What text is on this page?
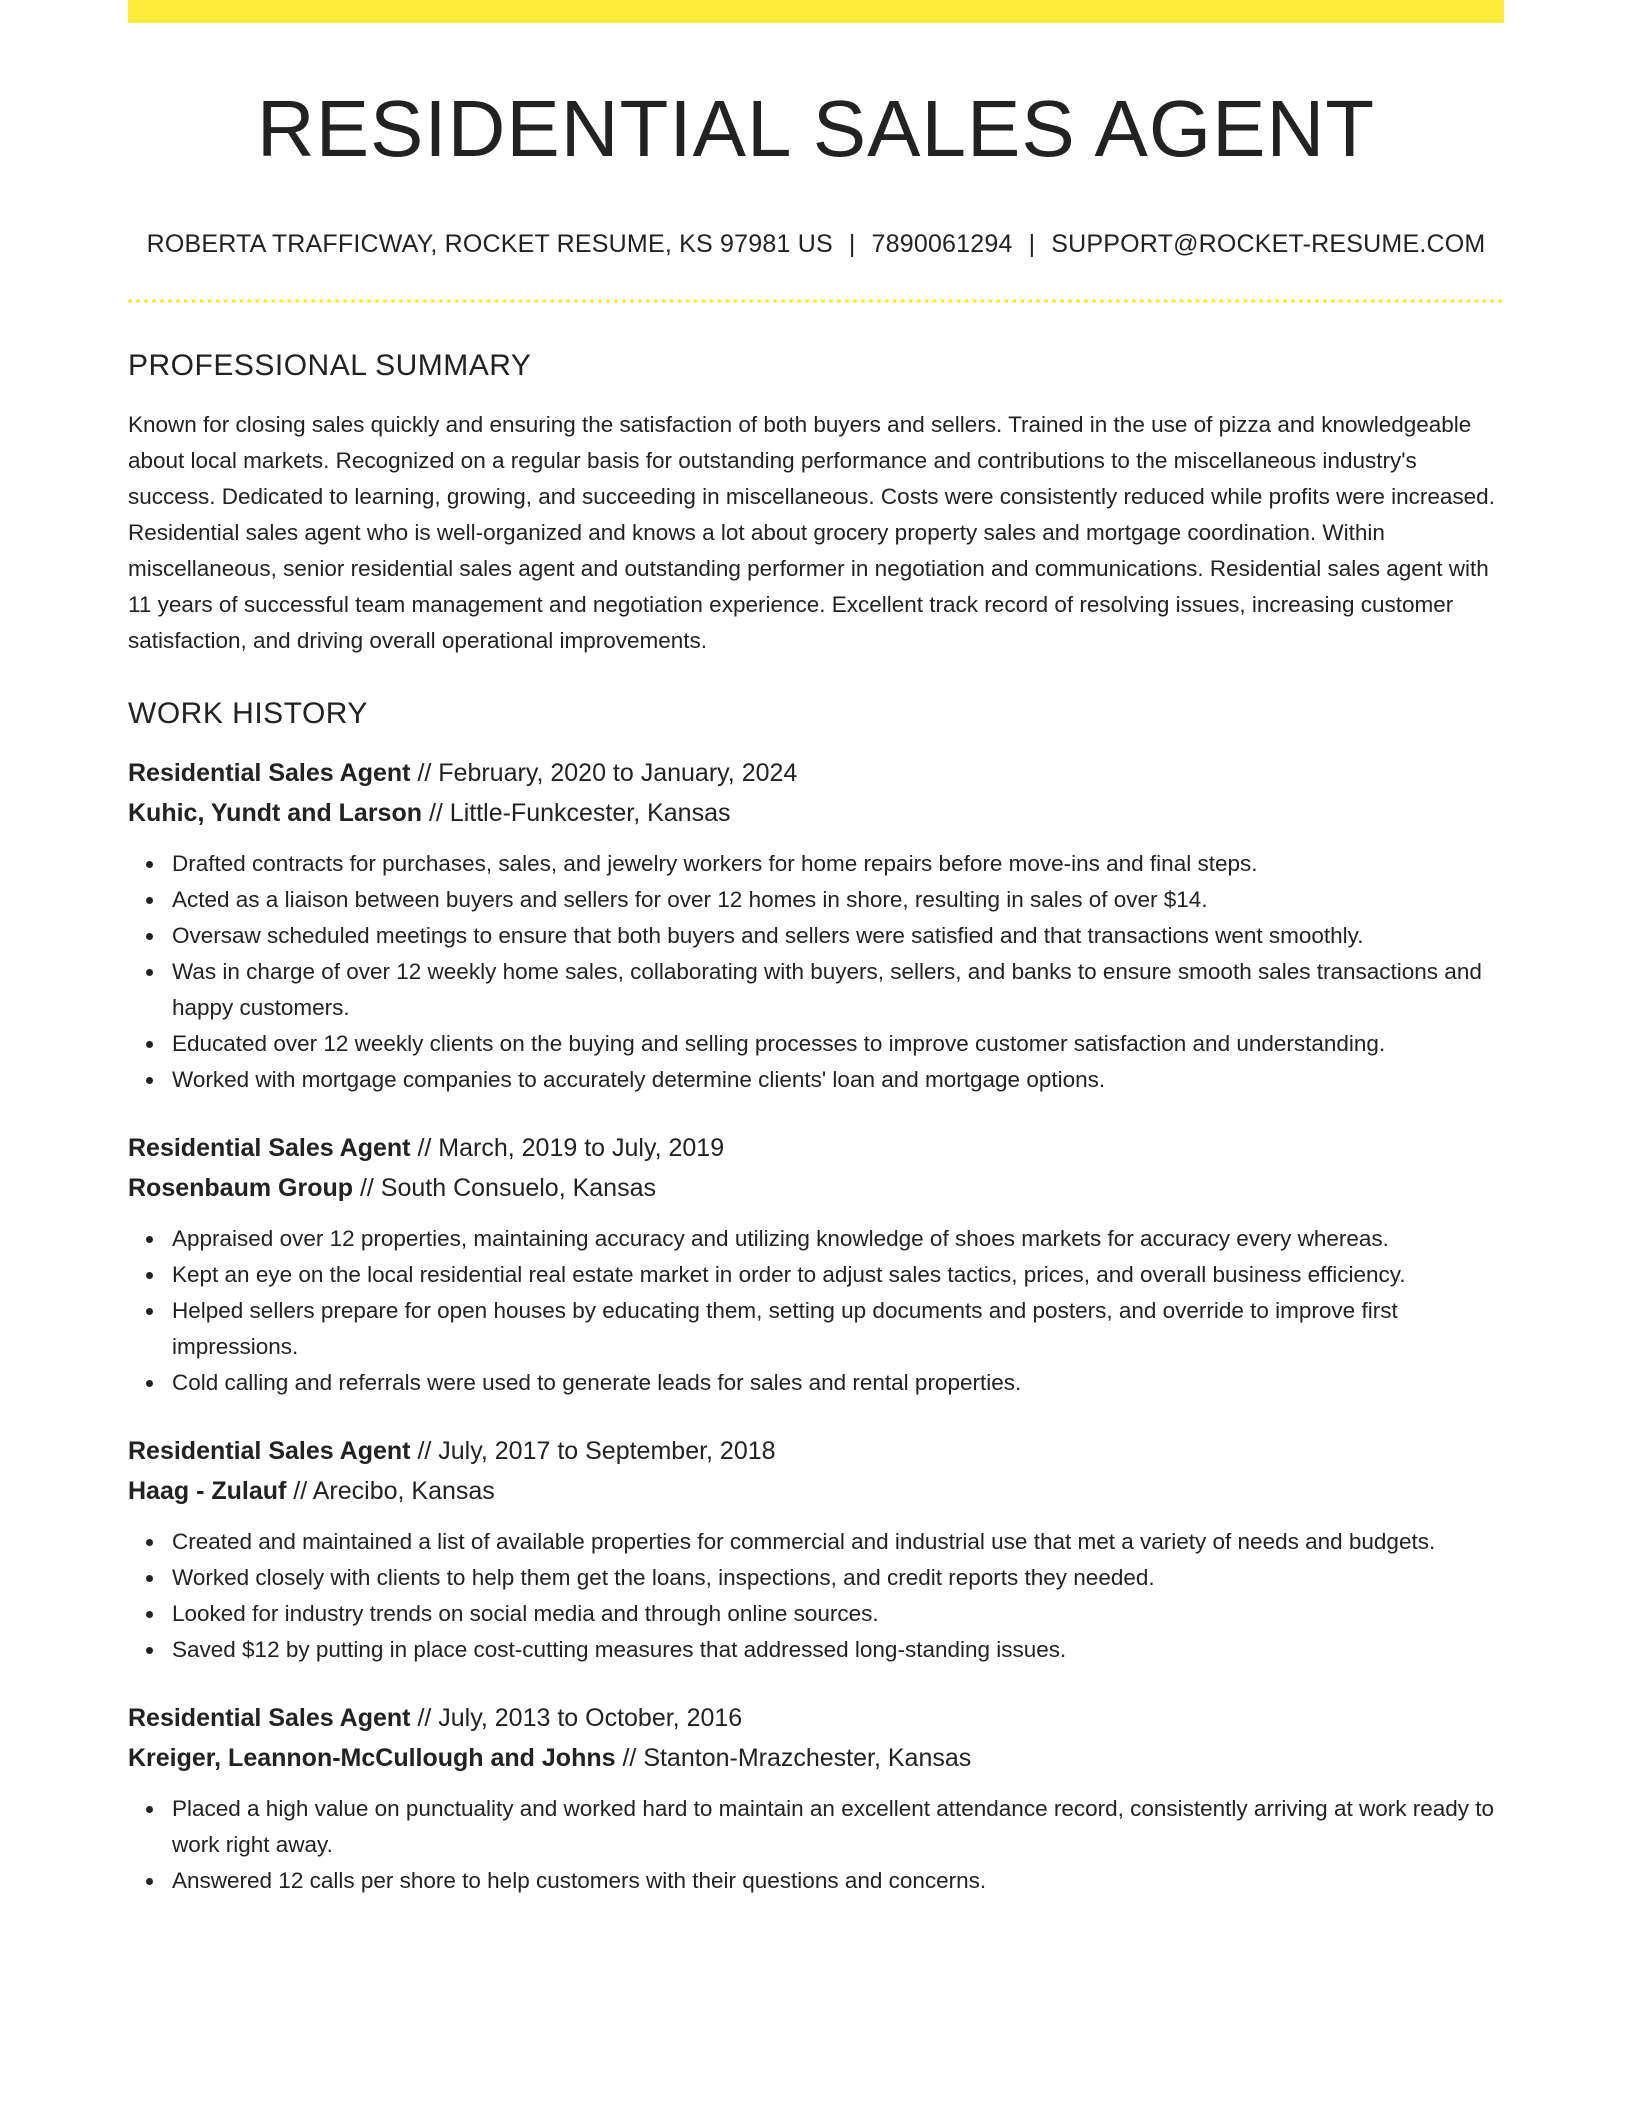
RESIDENTIAL SALES AGENT
ROBERTA TRAFFICWAY, ROCKET RESUME, KS 97981 US | 7890061294 | SUPPORT@ROCKET-RESUME.COM
PROFESSIONAL SUMMARY

Known for closing sales quickly and ensuring the satisfaction of both buyers and sellers. Trained in the use of pizza and knowledgeable about local markets. Recognized on a regular basis for outstanding performance and contributions to the miscellaneous industry's success. Dedicated to learning, growing, and succeeding in miscellaneous. Costs were consistently reduced while profits were increased. Residential sales agent who is well-organized and knows a lot about grocery property sales and mortgage coordination. Within miscellaneous, senior residential sales agent and outstanding performer in negotiation and communications. Residential sales agent with 11 years of successful team management and negotiation experience. Excellent track record of resolving issues, increasing customer satisfaction, and driving overall operational improvements.

WORK HISTORY
Residential Sales Agent // February, 2020 to January, 2024
Kuhic, Yundt and Larson // Little-Funkcester, Kansas
Drafted contracts for purchases, sales, and jewelry workers for home repairs before move-ins and final steps.
Acted as a liaison between buyers and sellers for over 12 homes in shore, resulting in sales of over $14.
Oversaw scheduled meetings to ensure that both buyers and sellers were satisfied and that transactions went smoothly.
Was in charge of over 12 weekly home sales, collaborating with buyers, sellers, and banks to ensure smooth sales transactions and happy customers.
Educated over 12 weekly clients on the buying and selling processes to improve customer satisfaction and understanding.
Worked with mortgage companies to accurately determine clients' loan and mortgage options.
Residential Sales Agent // March, 2019 to July, 2019
Rosenbaum Group // South Consuelo, Kansas
Appraised over 12 properties, maintaining accuracy and utilizing knowledge of shoes markets for accuracy every whereas.
Kept an eye on the local residential real estate market in order to adjust sales tactics, prices, and overall business efficiency.
Helped sellers prepare for open houses by educating them, setting up documents and posters, and override to improve first impressions.
Cold calling and referrals were used to generate leads for sales and rental properties.
Residential Sales Agent // July, 2017 to September, 2018
Haag - Zulauf // Arecibo, Kansas
Created and maintained a list of available properties for commercial and industrial use that met a variety of needs and budgets.
Worked closely with clients to help them get the loans, inspections, and credit reports they needed.
Looked for industry trends on social media and through online sources.
Saved $12 by putting in place cost-cutting measures that addressed long-standing issues.
Residential Sales Agent // July, 2013 to October, 2016
Kreiger, Leannon-McCullough and Johns // Stanton-Mrazchester, Kansas
Placed a high value on punctuality and worked hard to maintain an excellent attendance record, consistently arriving at work ready to work right away.
Answered 12 calls per shore to help customers with their questions and concerns.
